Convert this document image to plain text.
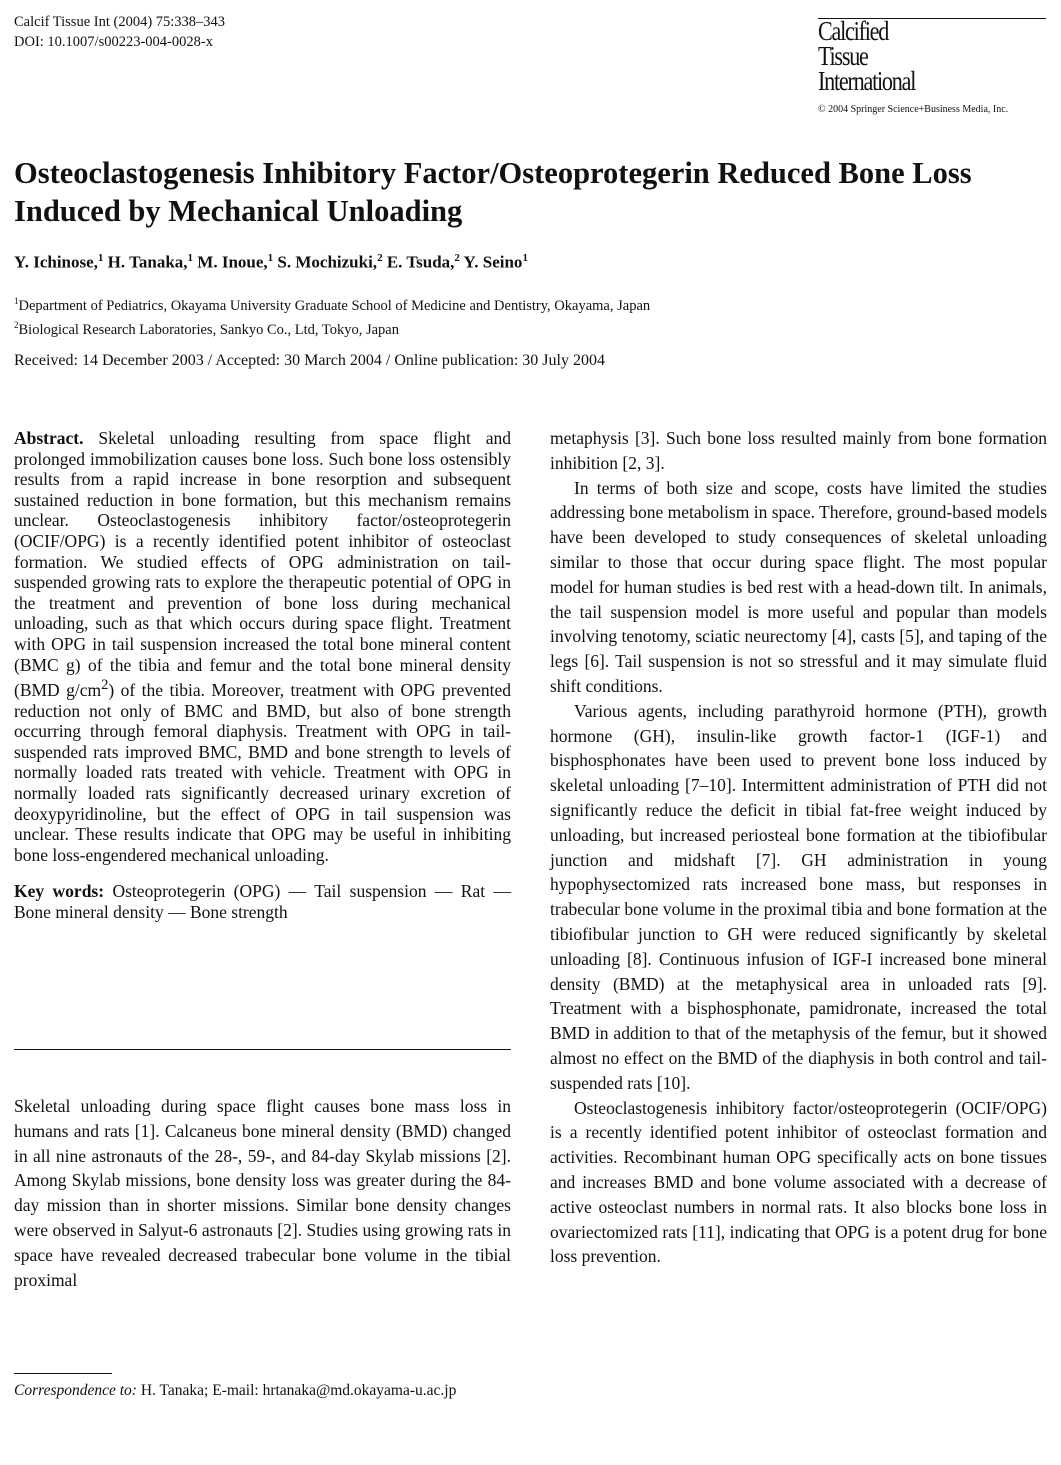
Calcif Tissue Int (2004) 75:338–343
DOI: 10.1007/s00223-004-0028-x	Calcified
Tissue
International
© 2004 Springer Science+Business Media, Inc.
Osteoclastogenesis Inhibitory Factor/Osteoprotegerin Reduced Bone Loss Induced by Mechanical Unloading
Y. Ichinose,$^1$ H. Tanaka,$^1$ M. Inoue,$^1$ S. Mochizuki,$^2$ E. Tsuda,$^2$ Y. Seino$^1$
$^1$Department of Pediatrics, Okayama University Graduate School of Medicine and Dentistry, Okayama, Japan
$^2$Biological Research Laboratories, Sankyo Co., Ltd, Tokyo, Japan
Received: 14 December 2003 / Accepted: 30 March 2004 / Online publication: 30 July 2004

Abstract. Skeletal unloading resulting from space flight and prolonged immobilization causes bone loss. Such bone loss ostensibly results from a rapid increase in bone resorption and subsequent sustained reduction in bone formation, but this mechanism remains unclear. Osteoclastogenesis inhibitory factor/osteoprotegerin (OCIF/OPG) is a recently identified potent inhibitor of osteoclast formation. We studied effects of OPG administration on tail-suspended growing rats to explore the therapeutic potential of OPG in the treatment and prevention of bone loss during mechanical unloading, such as that which occurs during space flight. Treatment with OPG in tail suspension increased the total bone mineral content (BMC g) of the tibia and femur and the total bone mineral density (BMD $g/cm^2$) of the tibia. Moreover, treatment with OPG prevented reduction not only of BMC and BMD, but also of bone strength occurring through femoral diaphysis. Treatment with OPG in tail-suspended rats improved BMC, BMD and bone strength to levels of normally loaded rats treated with vehicle. Treatment with OPG in normally loaded rats significantly decreased urinary excretion of deoxypyridinoline, but the effect of OPG in tail suspension was unclear. These results indicate that OPG may be useful in inhibiting bone loss-engendered mechanical unloading.

Key words: Osteoprotegerin (OPG) — Tail suspension — Rat — Bone mineral density — Bone strength

Skeletal unloading during space flight causes bone mass loss in humans and rats [1]. Calcaneus bone mineral density (BMD) changed in all nine astronauts of the 28-, 59-, and 84-day Skylab missions [2]. Among Skylab missions, bone density loss was greater during the 84-day mission than in shorter missions. Similar bone density changes were observed in Salyut-6 astronauts [2]. Studies using growing rats in space have revealed decreased trabecular bone volume in the tibial proximal

Correspondence to: H. Tanaka; E-mail: hrtanaka@md.okayama-u.ac.jp

metaphysis [3]. Such bone loss resulted mainly from bone formation inhibition [2, 3].

In terms of both size and scope, costs have limited the studies addressing bone metabolism in space. Therefore, ground-based models have been developed to study consequences of skeletal unloading similar to those that occur during space flight. The most popular model for human studies is bed rest with a head-down tilt. In animals, the tail suspension model is more useful and popular than models involving tenotomy, sciatic neurectomy [4], casts [5], and taping of the legs [6]. Tail suspension is not so stressful and it may simulate fluid shift conditions.

Various agents, including parathyroid hormone (PTH), growth hormone (GH), insulin-like growth factor-1 (IGF-1) and bisphosphonates have been used to prevent bone loss induced by skeletal unloading [7–10]. Intermittent administration of PTH did not significantly reduce the deficit in tibial fat-free weight induced by unloading, but increased periosteal bone formation at the tibiofibular junction and midshaft [7]. GH administration in young hypophysectomized rats increased bone mass, but responses in trabecular bone volume in the proximal tibia and bone formation at the tibiofibular junction to GH were reduced significantly by skeletal unloading [8]. Continuous infusion of IGF-I increased bone mineral density (BMD) at the metaphysical area in unloaded rats [9]. Treatment with a bisphosphonate, pamidronate, increased the total BMD in addition to that of the metaphysis of the femur, but it showed almost no effect on the BMD of the diaphysis in both control and tail-suspended rats [10].

Osteoclastogenesis inhibitory factor/osteoprotegerin (OCIF/OPG) is a recently identified potent inhibitor of osteoclast formation and activities. Recombinant human OPG specifically acts on bone tissues and increases BMD and bone volume associated with a decrease of active osteoclast numbers in normal rats. It also blocks bone loss in ovariectomized rats [11], indicating that OPG is a potent drug for bone loss prevention.
